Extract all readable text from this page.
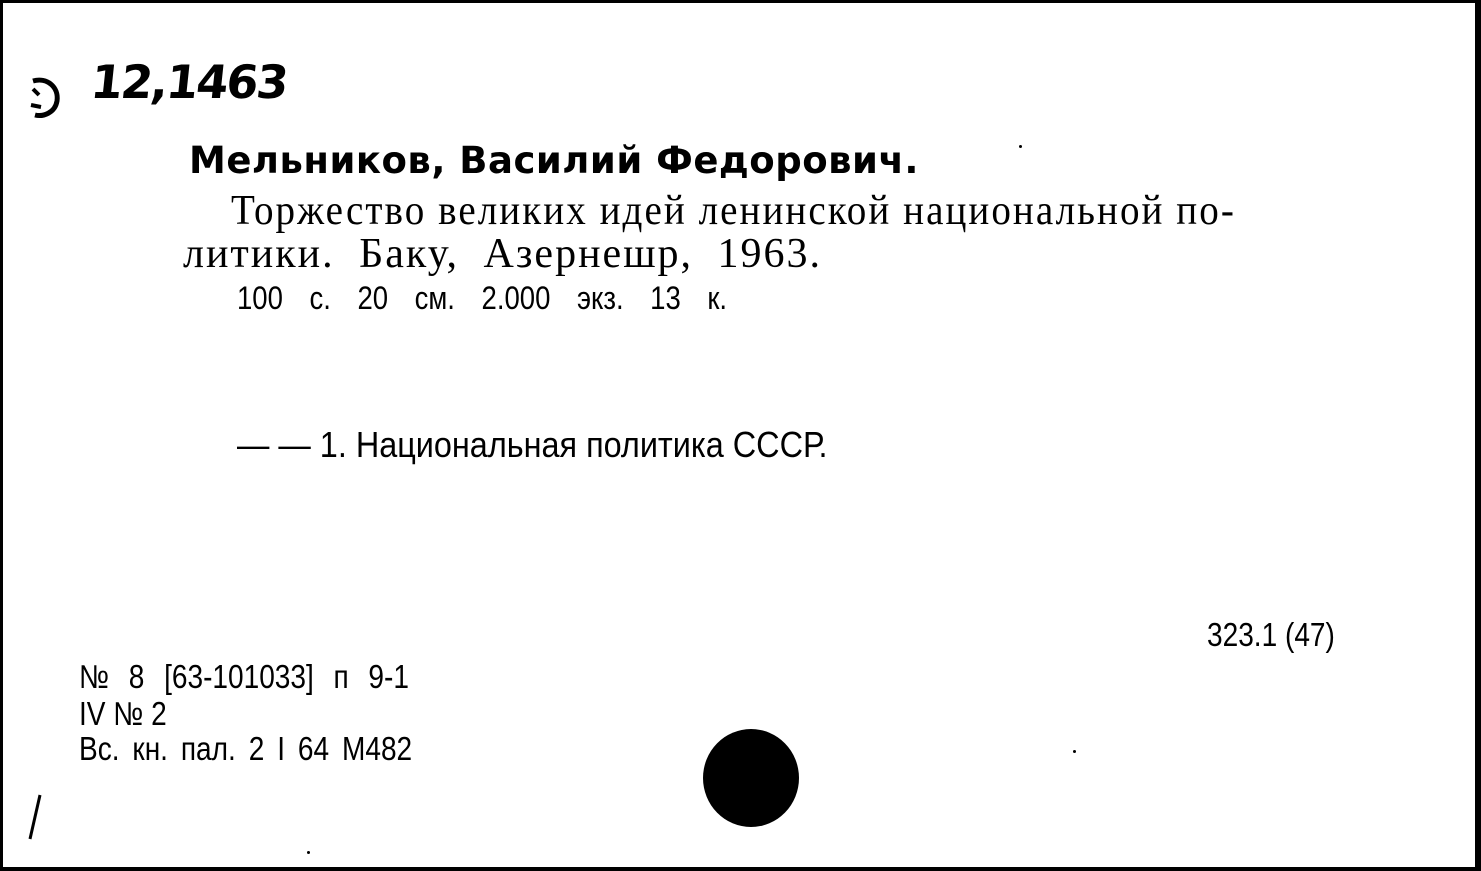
12,1463
Мельников, Василий Федорович.
Торжество великих идей ленинской национальной по-
литики. Баку, Азернешр, 1963.
100 с. 20 см. 2.000 экз. 13 к.
— — 1. Национальная политика СССР.
323.1 (47)
№ 8 [63-101033] п 9-1
IV № 2
Вс. кн. пал. 2 I 64 М482
